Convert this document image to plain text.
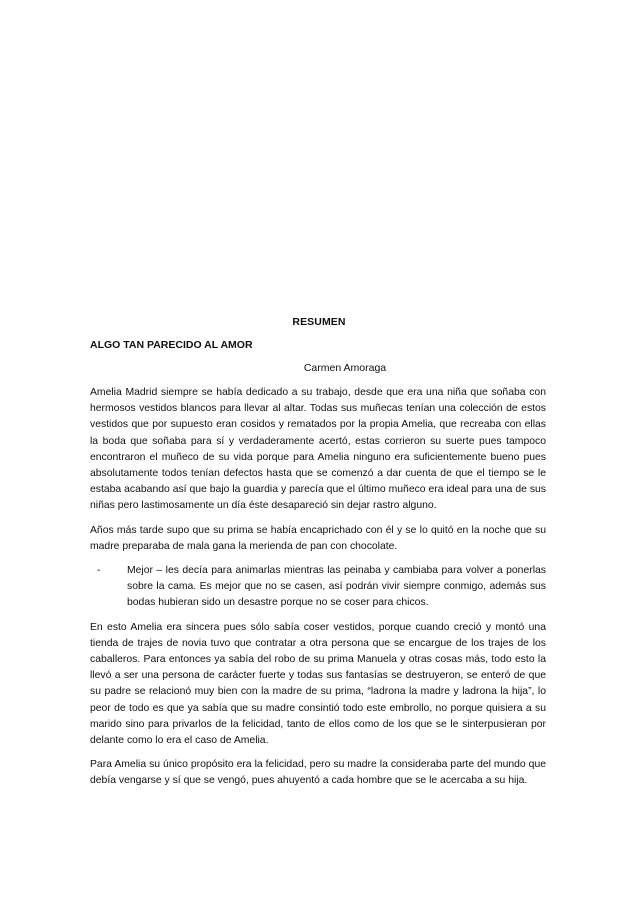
RESUMEN

ALGO TAN PARECIDO AL AMOR

Carmen Amoraga

Amelia Madrid siempre se había dedicado a su trabajo, desde que era una niña que soñaba con hermosos vestidos blancos para llevar al altar. Todas sus muñecas tenían una colección de estos vestidos que por supuesto eran cosidos y rematados por la propia Amelia, que recreaba con ellas la boda que soñaba para sí y verdaderamente acertó, estas corrieron su suerte pues tampoco encontraron el muñeco de su vida porque para Amelia ninguno era suficientemente bueno pues absolutamente todos tenían defectos hasta que se comenzó a dar cuenta de que el tiempo se le estaba acabando así que bajo la guardia y parecía que el último muñeco era ideal para una de sus niñas pero lastimosamente un día éste desapareció sin dejar rastro alguno.

Años más tarde supo que su prima se había encaprichado con él y se lo quitó en la noche que su madre preparaba de mala gana la merienda de pan con chocolate.

-	Mejor – les decía para animarlas mientras las peinaba y cambiaba para volver a ponerlas sobre la cama. Es mejor que no se casen, así podrán vivir siempre conmigo, además sus bodas hubieran sido un desastre porque no se coser para chicos.

En esto Amelia era sincera pues sólo sabía coser vestidos, porque cuando creció y montó una tienda de trajes de novia tuvo que contratar a otra persona que se encargue de los trajes de los caballeros. Para entonces ya sabía del robo de su prima Manuela y otras cosas más, todo esto la llevó a ser una persona de carácter fuerte y todas sus fantasías se destruyeron, se enteró de que su padre se relacionó muy bien con la madre de su prima, “ladrona la madre y ladrona la hija”, lo peor de todo es que ya sabía que su madre consintió todo este embrollo, no porque quisiera a su marido sino para privarlos de la felicidad, tanto de ellos como de los que se le sinterpusieran por delante como lo era el caso de Amelia.

Para Amelia su único propósito era la felicidad, pero su madre la consideraba parte del mundo que debía vengarse y sí que se vengó, pues ahuyentó a cada hombre que se le acercaba a su hija.
